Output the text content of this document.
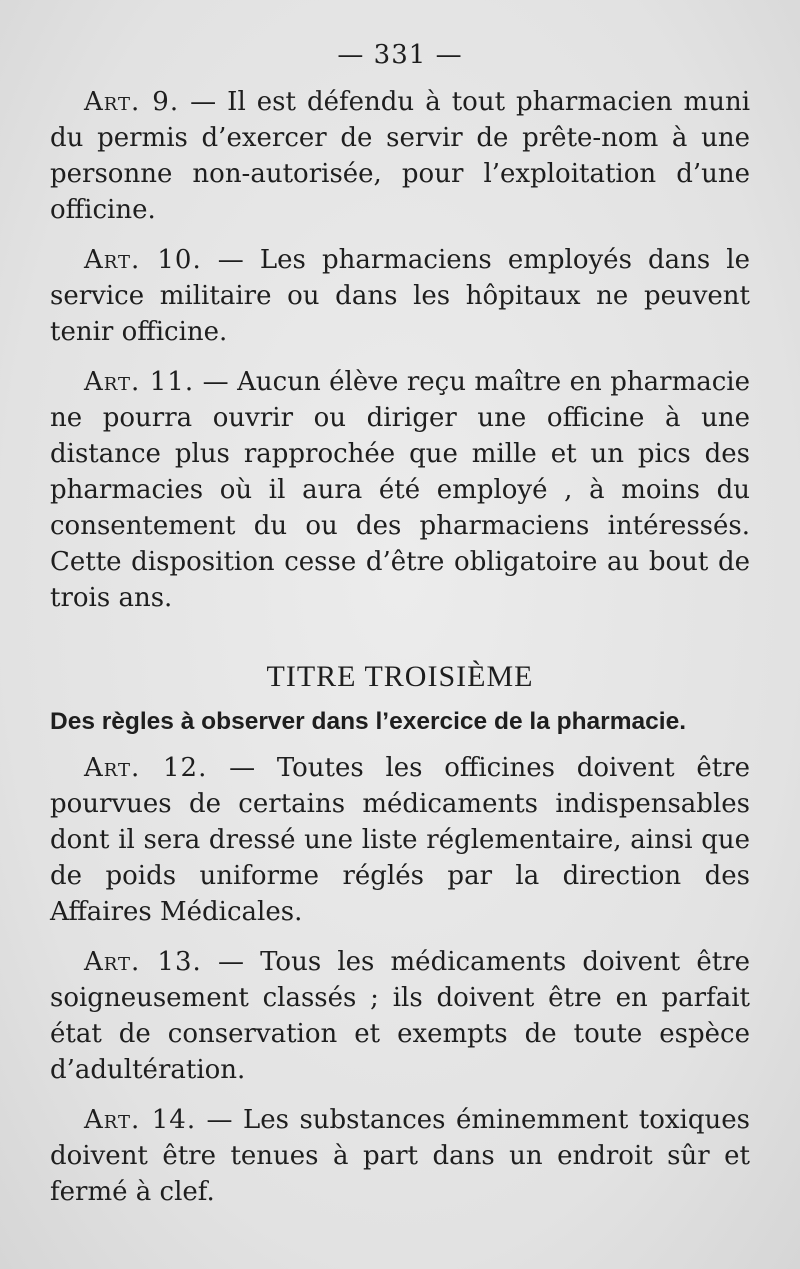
— 331 —

Art. 9. — Il est défendu à tout pharmacien muni du permis d’exercer de servir de prête-nom à une personne non-autorisée, pour l’exploitation d’une officine.

Art. 10. — Les pharmaciens employés dans le service militaire ou dans les hôpitaux ne peuvent tenir officine.

Art. 11. — Aucun élève reçu maître en pharmacie ne pourra ouvrir ou diriger une officine à une distance plus rapprochée que mille et un pics des pharmacies où il aura été employé , à moins du consentement du ou des pharmaciens intéressés. Cette disposition cesse d’être obligatoire au bout de trois ans.

TITRE TROISIÈME
Des règles à observer dans l’exercice de la pharmacie.

Art. 12. — Toutes les officines doivent être pourvues de certains médicaments indispensables dont il sera dressé une liste réglementaire, ainsi que de poids uniforme réglés par la direction des Affaires Médicales.

Art. 13. — Tous les médicaments doivent être soigneusement classés ; ils doivent être en parfait état de conservation et exempts de toute espèce d’adultération.

Art. 14. — Les substances éminemment toxiques doivent être tenues à part dans un endroit sûr et fermé à clef.
